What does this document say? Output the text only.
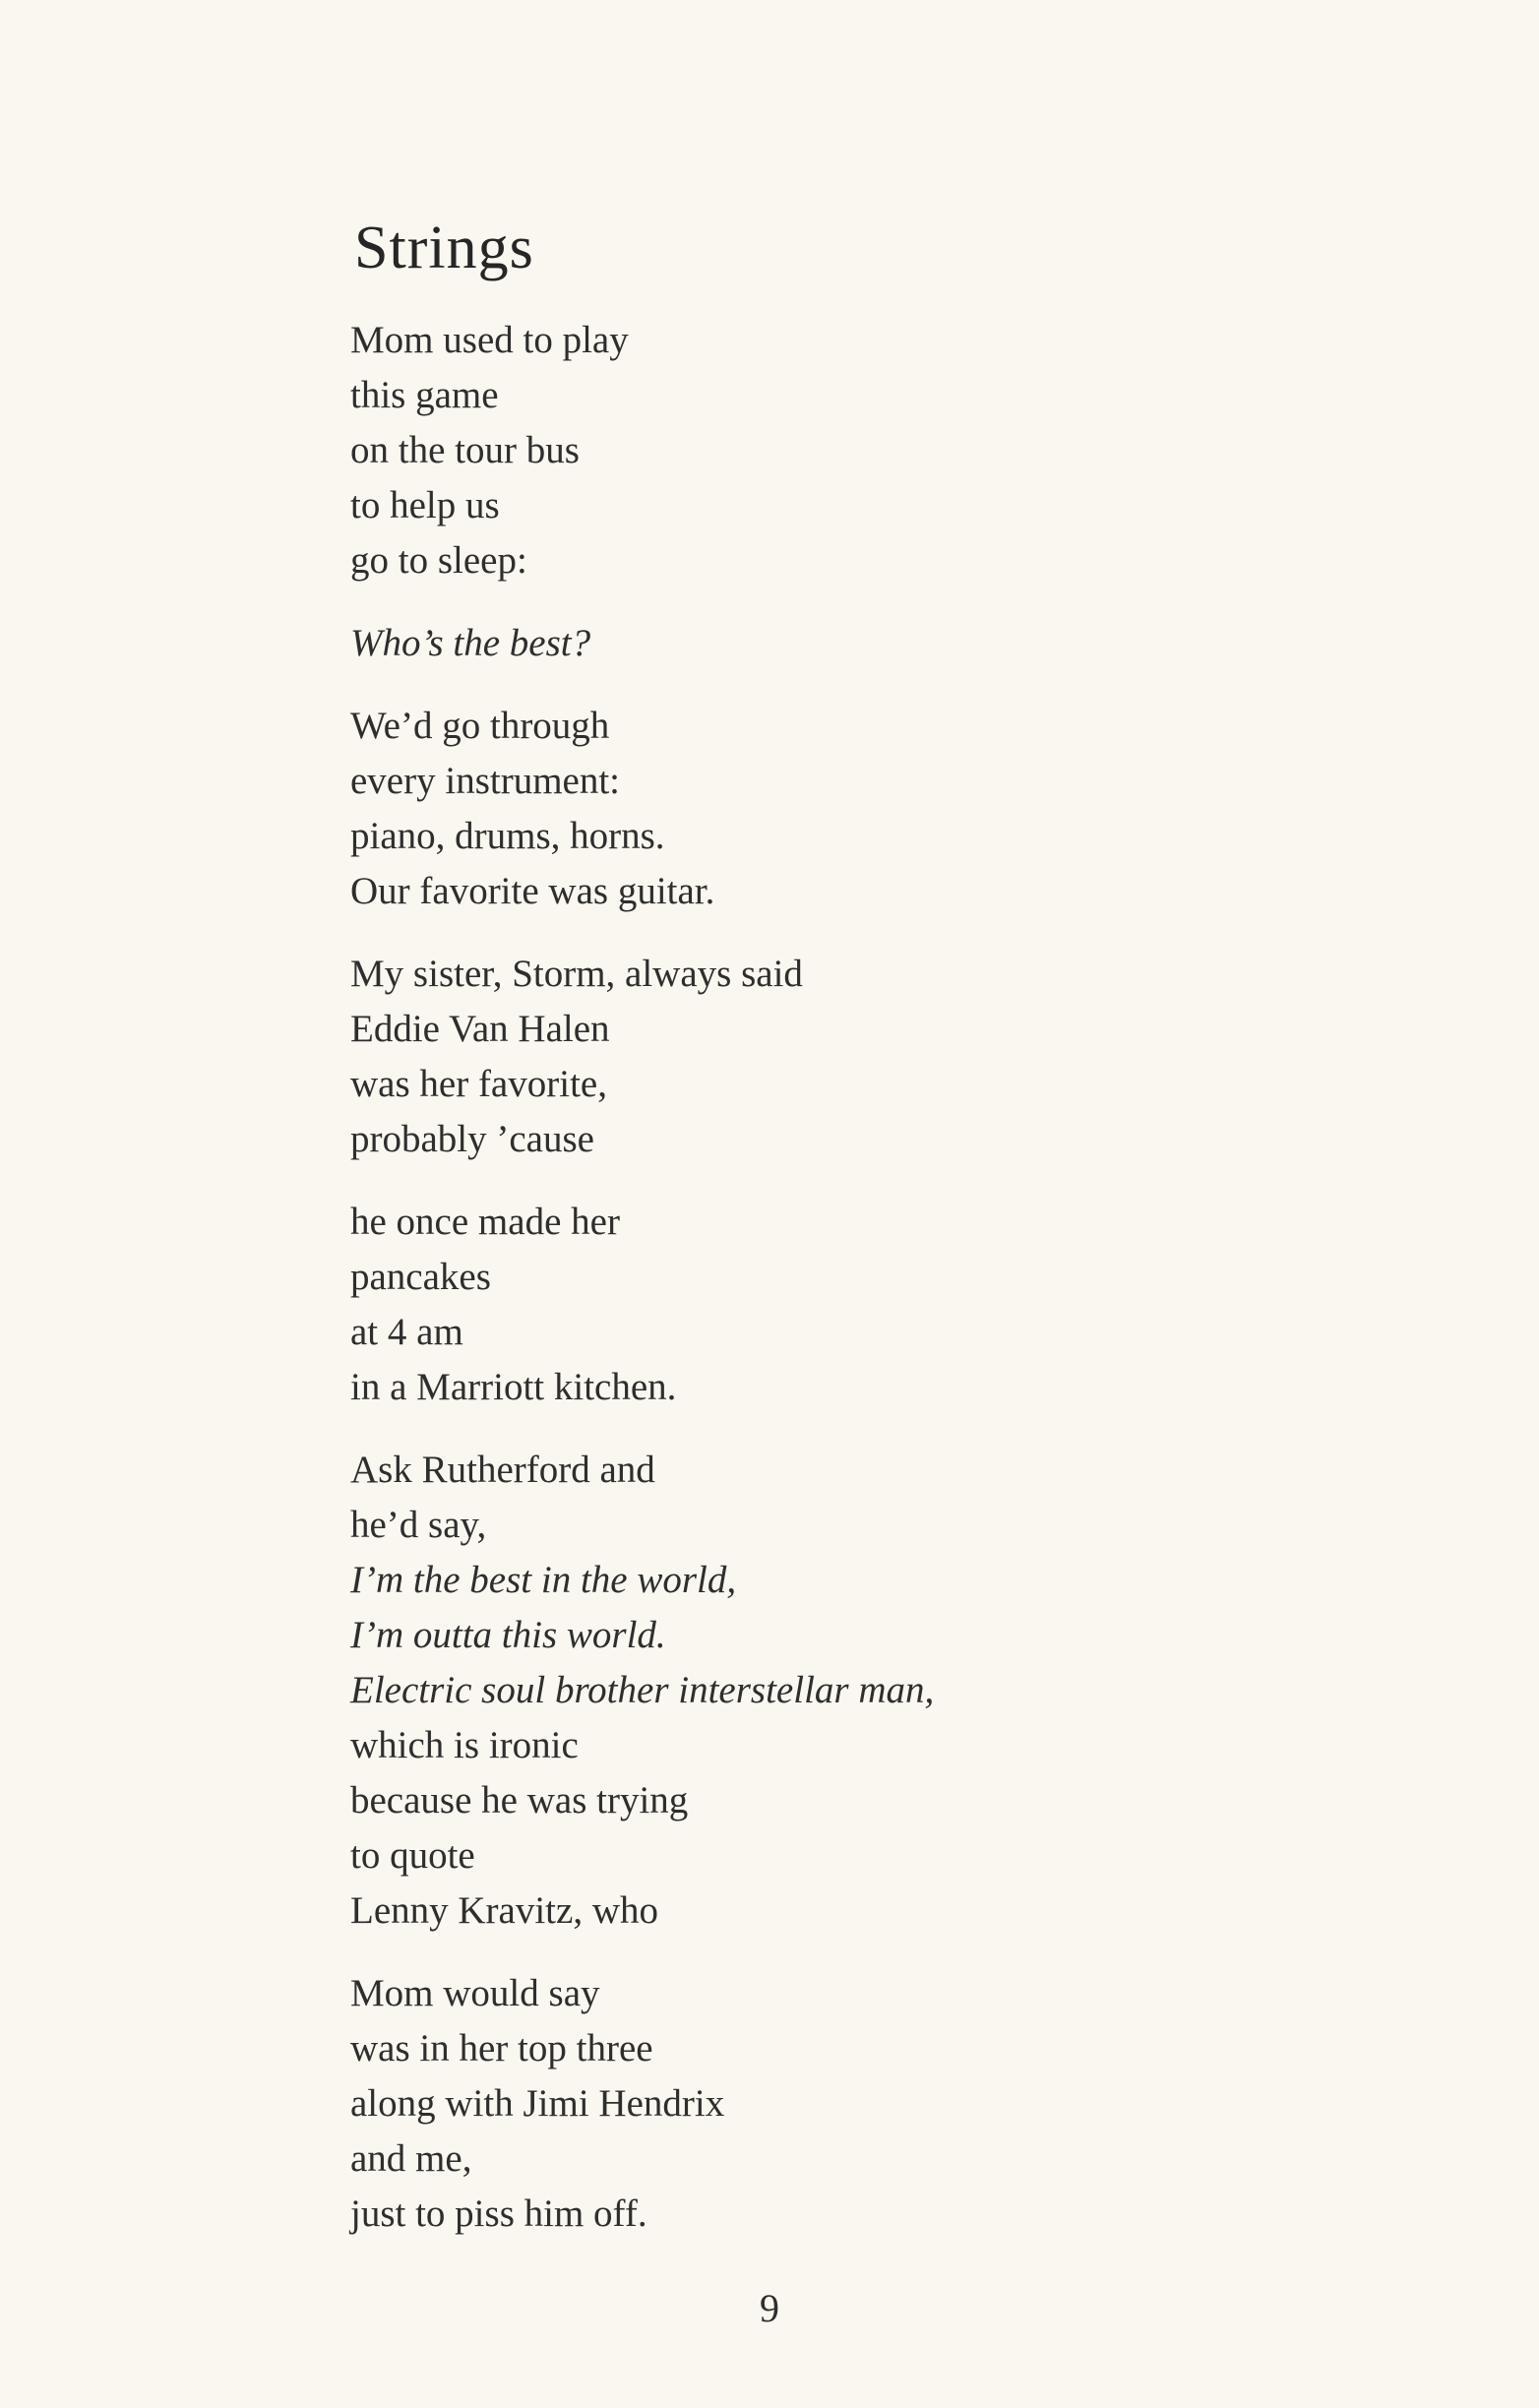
Strings
Mom used to play
this game
on the tour bus
to help us
go to sleep:
Who’s the best?
We’d go through
every instrument:
piano, drums, horns.
Our favorite was guitar.
My sister, Storm, always said
Eddie Van Halen
was her favorite,
probably ’cause
he once made her
pancakes
at 4 am
in a Marriott kitchen.
Ask Rutherford and
he’d say,
I’m the best in the world,
I’m outta this world.
Electric soul brother interstellar man,
which is ironic
because he was trying
to quote
Lenny Kravitz, who
Mom would say
was in her top three
along with Jimi Hendrix
and me,
just to piss him off.
9
